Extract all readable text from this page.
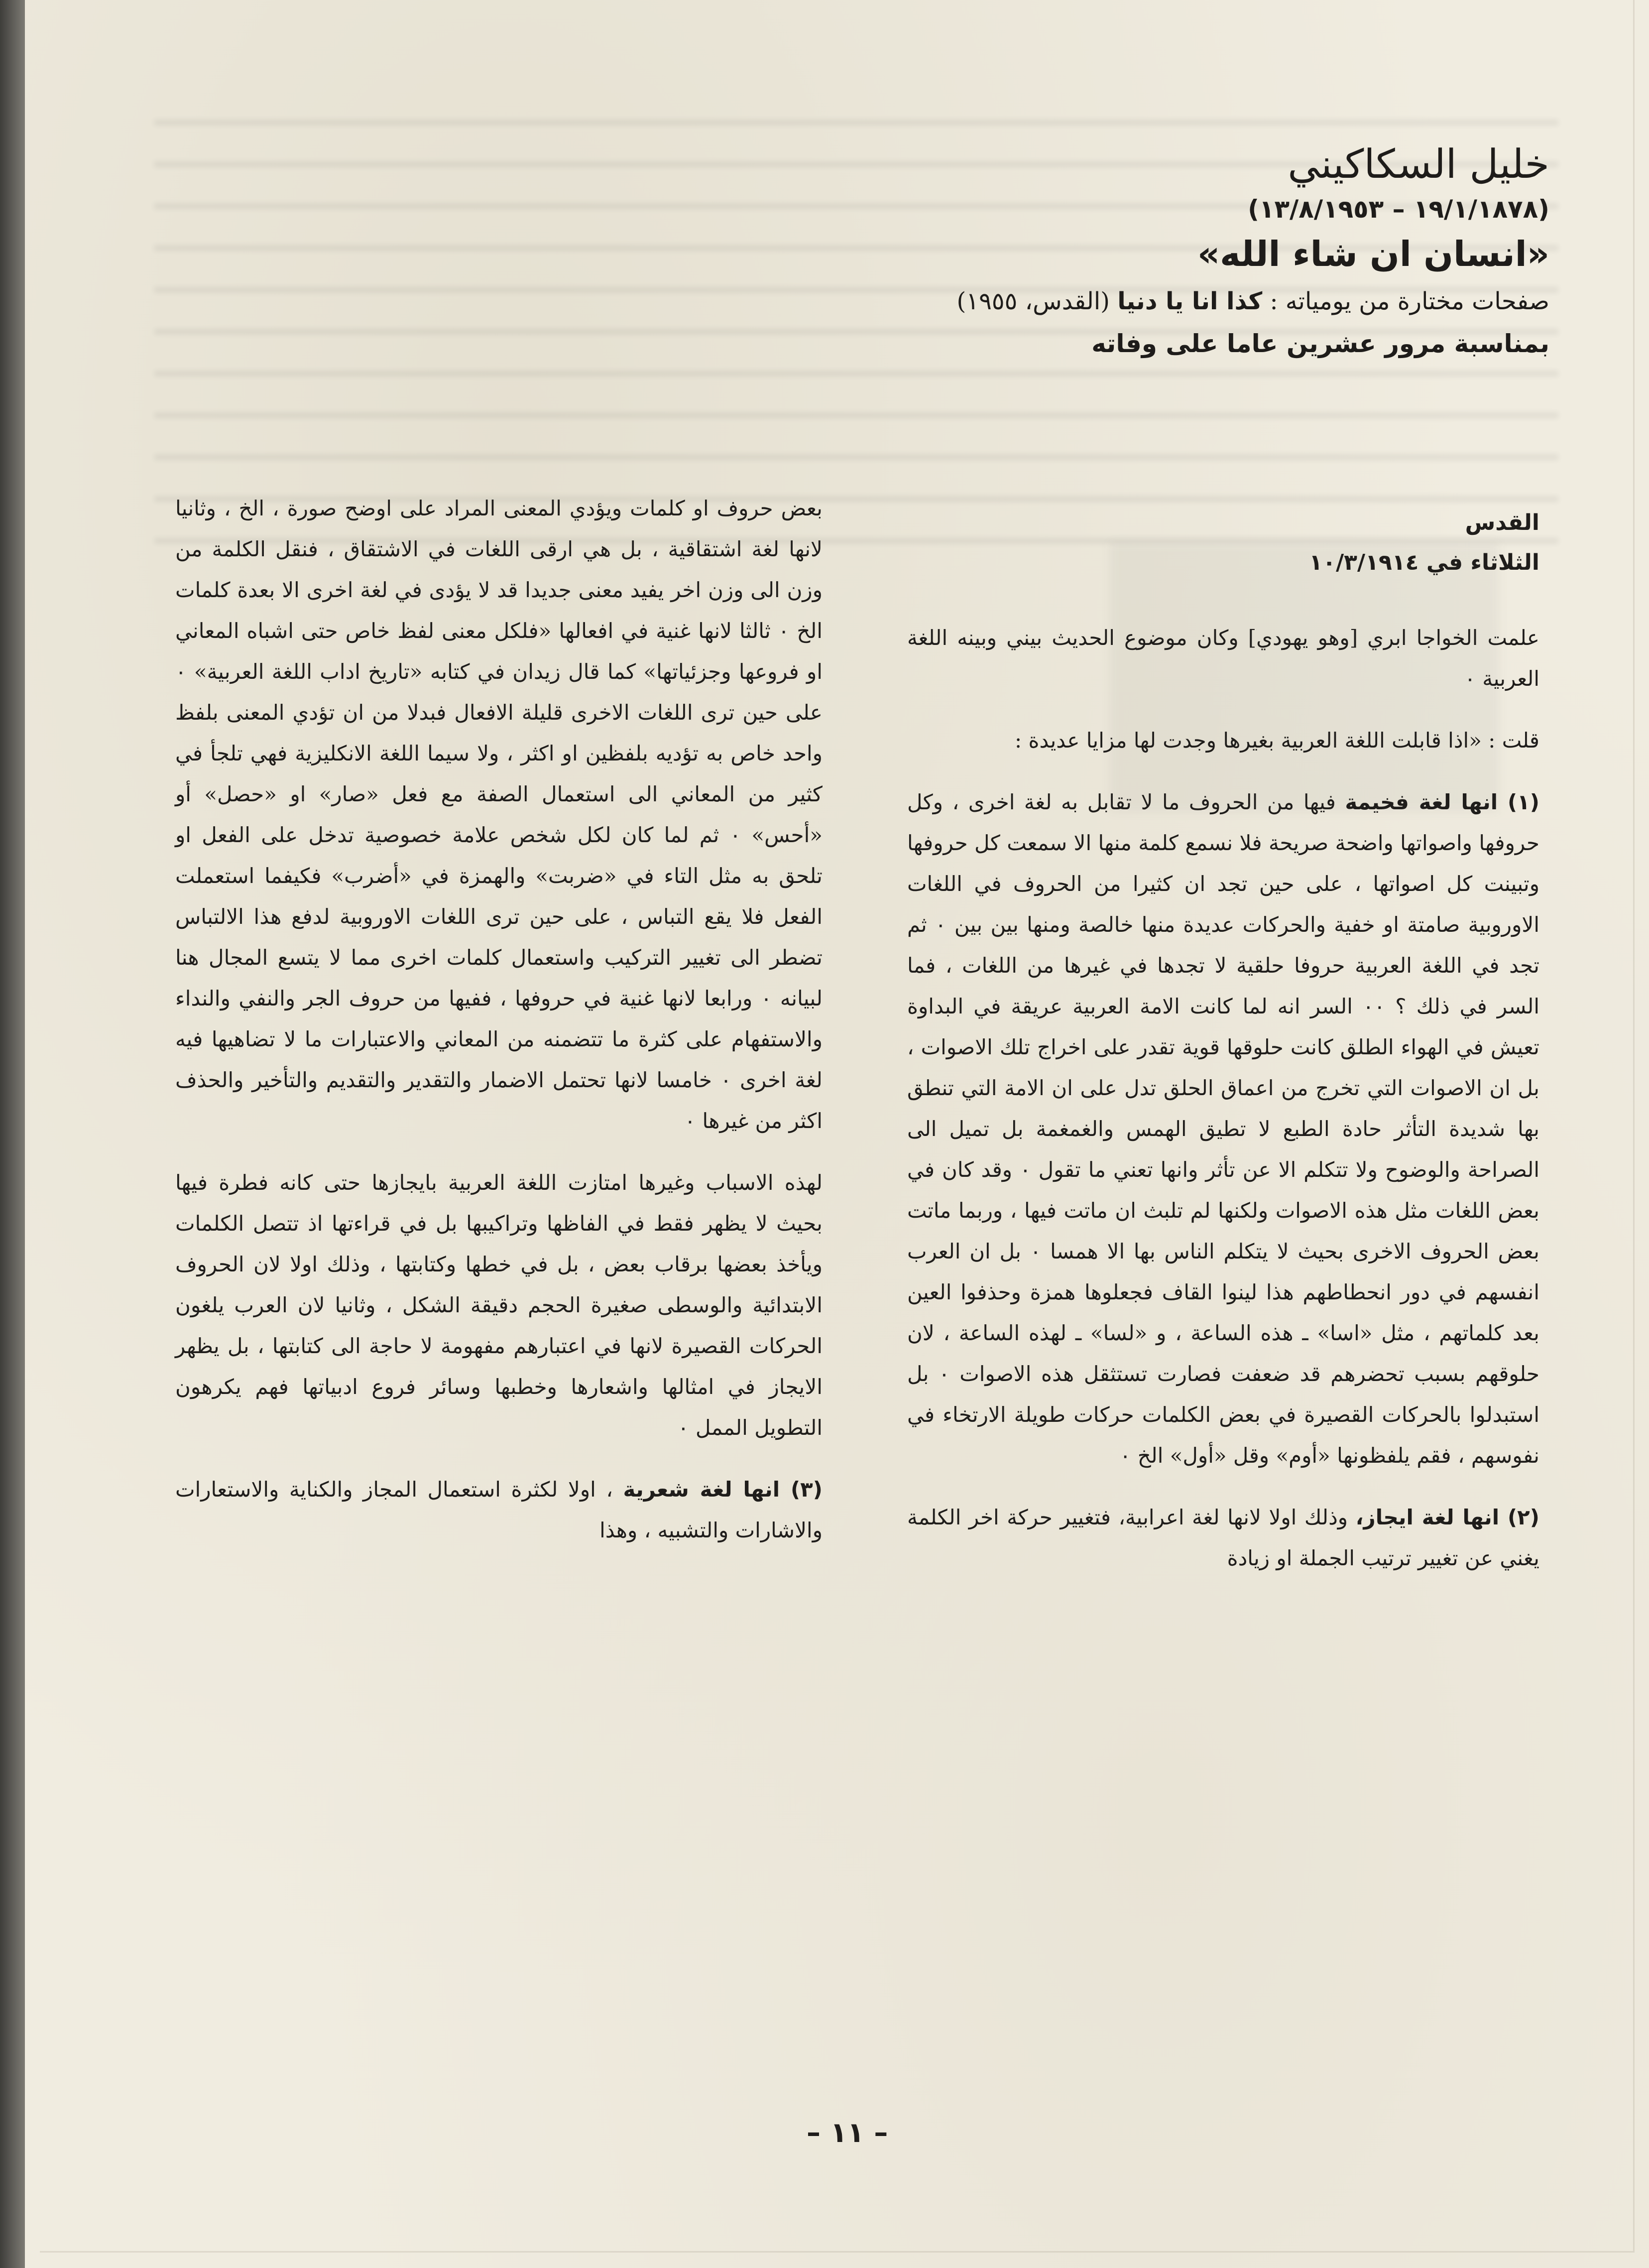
خليل السكاكيني
(١٩/١/١٨٧٨ – ١٣/٨/١٩٥٣)
«انسان ان شاء الله»
صفحات مختارة من يومياته : كذا انا يا دنيا (القدس، ١٩٥٥)
بمناسبة مرور عشرين عاما على وفاته

القدس

الثلاثاء في ١٠/٣/١٩١٤

علمت الخواجا ابري [وهو يهودي] وكان موضوع الحديث بيني وبينه اللغة العربية ٠

قلت : «اذا قابلت اللغة العربية بغيرها وجدت لها مزايا عديدة :

(١) انها لغة فخيمة فيها من الحروف ما لا تقابل به لغة اخرى ، وكل حروفها واصواتها واضحة صريحة فلا نسمع كلمة منها الا سمعت كل حروفها وتبينت كل اصواتها ، على حين تجد ان كثيرا من الحروف في اللغات الاوروبية صامتة او خفية والحركات عديدة منها خالصة ومنها بين بين ٠ ثم تجد في اللغة العربية حروفا حلقية لا تجدها في غيرها من اللغات ، فما السر في ذلك ؟ ٠٠ السر انه لما كانت الامة العربية عريقة في البداوة تعيش في الهواء الطلق كانت حلوقها قوية تقدر على اخراج تلك الاصوات ، بل ان الاصوات التي تخرج من اعماق الحلق تدل على ان الامة التي تنطق بها شديدة التأثر حادة الطبع لا تطيق الهمس والغمغمة بل تميل الى الصراحة والوضوح ولا تتكلم الا عن تأثر وانها تعني ما تقول ٠ وقد كان في بعض اللغات مثل هذه الاصوات ولكنها لم تلبث ان ماتت فيها ، وربما ماتت بعض الحروف الاخرى بحيث لا يتكلم الناس بها الا همسا ٠ بل ان العرب انفسهم في دور انحطاطهم هذا لينوا القاف فجعلوها همزة وحذفوا العين بعد كلماتهم ، مثل «اسا» ـ هذه الساعة ، و «لسا» ـ لهذه الساعة ، لان حلوقهم بسبب تحضرهم قد ضعفت فصارت تستثقل هذه الاصوات ٠ بل استبدلوا بالحركات القصيرة في بعض الكلمات حركات طويلة الارتخاء في نفوسهم ، فقم يلفظونها «أوم» وقل «أول» الخ ٠

(٢) انها لغة ايجاز، وذلك اولا لانها لغة اعرابية، فتغيير حركة اخر الكلمة يغني عن تغيير ترتيب الجملة او زيادة

بعض حروف او كلمات ويؤدي المعنى المراد على اوضح صورة ، الخ ، وثانيا لانها لغة اشتقاقية ، بل هي ارقى اللغات في الاشتقاق ، فنقل الكلمة من وزن الى وزن اخر يفيد معنى جديدا قد لا يؤدى في لغة اخرى الا بعدة كلمات الخ ٠ ثالثا لانها غنية في افعالها «فلكل معنى لفظ خاص حتى اشباه المعاني او فروعها وجزئياتها» كما قال زيدان في كتابه «تاريخ اداب اللغة العربية» ٠ على حين ترى اللغات الاخرى قليلة الافعال فبدلا من ان تؤدي المعنى بلفظ واحد خاص به تؤديه بلفظين او اكثر ، ولا سيما اللغة الانكليزية فهي تلجأ في كثير من المعاني الى استعمال الصفة مع فعل «صار» او «حصل» أو «أحس» ٠ ثم لما كان لكل شخص علامة خصوصية تدخل على الفعل او تلحق به مثل التاء في «ضربت» والهمزة في «أضرب» فكيفما استعملت الفعل فلا يقع التباس ، على حين ترى اللغات الاوروبية لدفع هذا الالتباس تضطر الى تغيير التركيب واستعمال كلمات اخرى مما لا يتسع المجال هنا لبيانه ٠ ورابعا لانها غنية في حروفها ، ففيها من حروف الجر والنفي والنداء والاستفهام على كثرة ما تتضمنه من المعاني والاعتبارات ما لا تضاهيها فيه لغة اخرى ٠ خامسا لانها تحتمل الاضمار والتقدير والتقديم والتأخير والحذف اكثر من غيرها ٠

لهذه الاسباب وغيرها امتازت اللغة العربية بايجازها حتى كانه فطرة فيها بحيث لا يظهر فقط في الفاظها وتراكيبها بل في قراءتها اذ تتصل الكلمات ويأخذ بعضها برقاب بعض ، بل في خطها وكتابتها ، وذلك اولا لان الحروف الابتدائية والوسطى صغيرة الحجم دقيقة الشكل ، وثانيا لان العرب يلغون الحركات القصيرة لانها في اعتبارهم مفهومة لا حاجة الى كتابتها ، بل يظهر الايجاز في امثالها واشعارها وخطبها وسائر فروع ادبياتها فهم يكرهون التطويل الممل ٠

(٣) انها لغة شعرية ، اولا لكثرة استعمال المجاز والكناية والاستعارات والاشارات والتشبيه ، وهذا

– ١١ –
